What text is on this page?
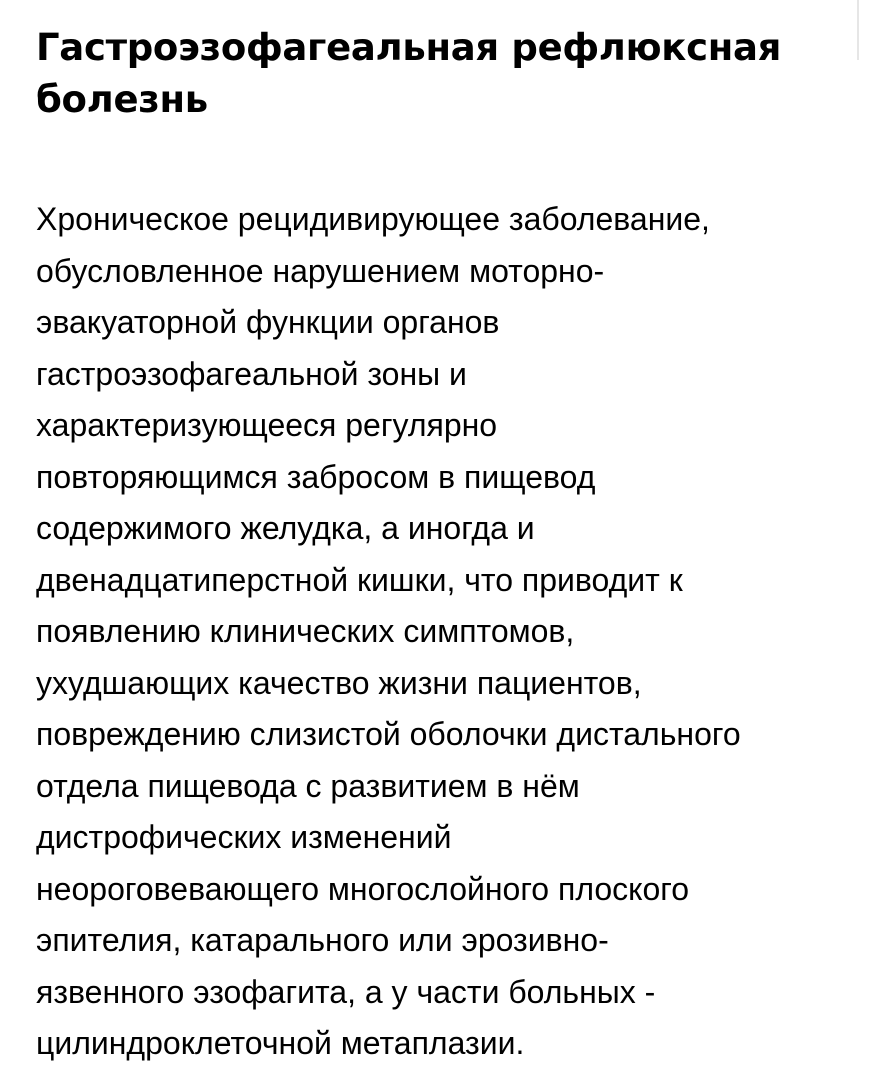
Гастроэзофагеальная рефлюксная
болезнь
Хроническое рецидивирующее заболевание,
обусловленное нарушением моторно-
эвакуаторной функции органов
гастроэзофагеальной зоны и
характеризующееся регулярно
повторяющимся забросом в пищевод
содержимого желудка, а иногда и
двенадцатиперстной кишки, что приводит к
появлению клинических симптомов,
ухудшающих качество жизни пациентов,
повреждению слизистой оболочки дистального
отдела пищевода с развитием в нём
дистрофических изменений
неороговевающего многослойного плоского
эпителия, катарального или эрозивно-
язвенного эзофагита, а у части больных -
цилиндроклеточной метаплазии.
